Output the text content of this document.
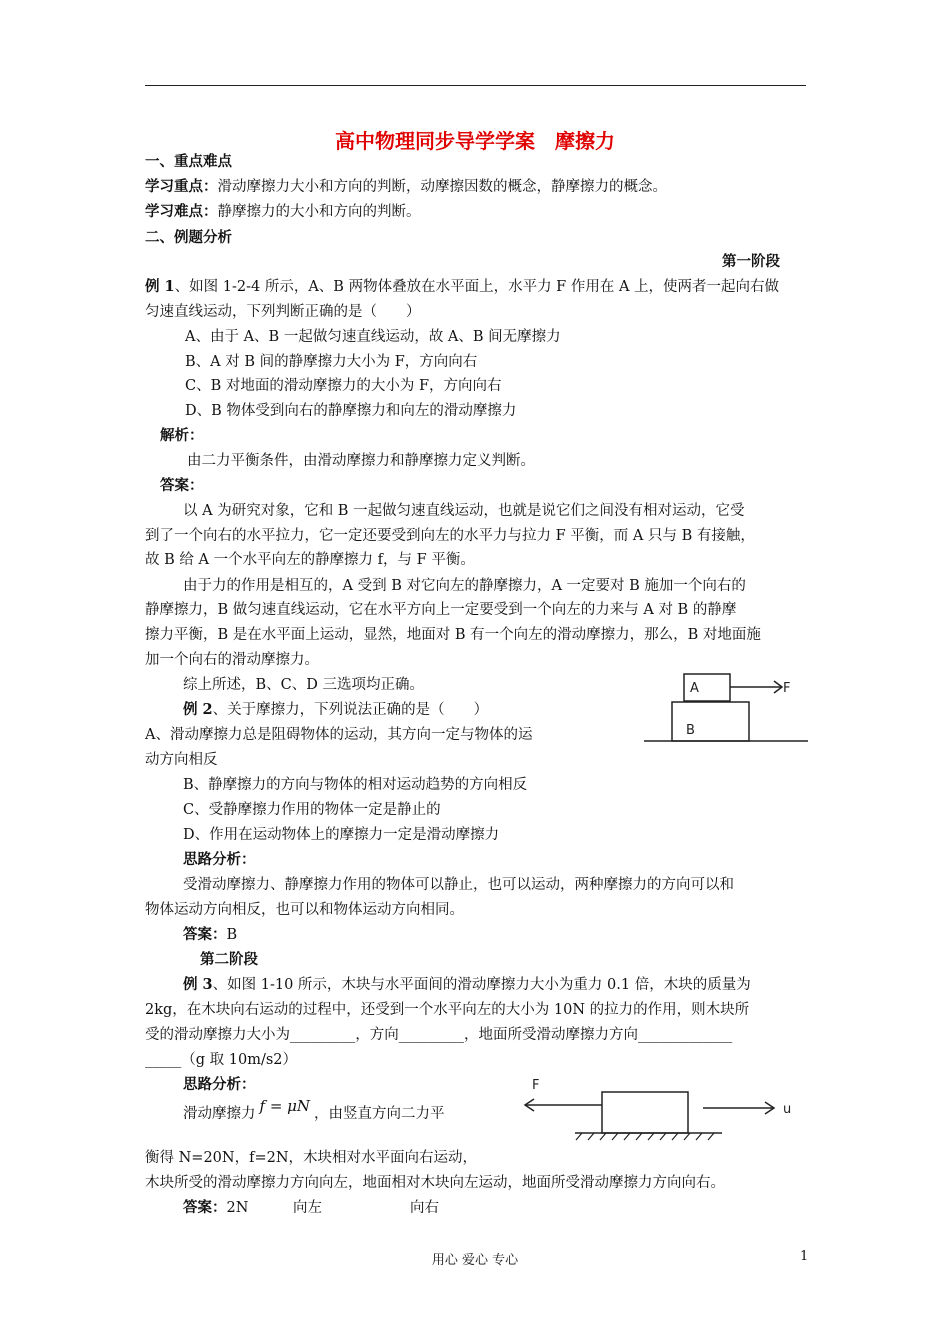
高中物理同步导学学案　摩擦力
一、重点难点
学习重点：滑动摩擦力大小和方向的判断，动摩擦因数的概念，静摩擦力的概念。
学习难点：静摩擦力的大小和方向的判断。
二、例题分析
第一阶段
例 1、如图 1-2-4 所示，A、B 两物体叠放在水平面上，水平力 F 作用在 A 上，使两者一起向右做
匀速直线运动，下列判断正确的是（　　）
A、由于 A、B 一起做匀速直线运动，故 A、B 间无摩擦力
B、A 对 B 间的静摩擦力大小为 F，方向向右
C、B 对地面的滑动摩擦力的大小为 F，方向向右
D、B 物体受到向右的静摩擦力和向左的滑动摩擦力
解析：
由二力平衡条件，由滑动摩擦力和静摩擦力定义判断。
答案：
以 A 为研究对象，它和 B 一起做匀速直线运动，也就是说它们之间没有相对运动，它受
到了一个向右的水平拉力，它一定还要受到向左的水平力与拉力 F 平衡，而 A 只与 B 有接触，
故 B 给 A 一个水平向左的静摩擦力 f，与 F 平衡。
由于力的作用是相互的，A 受到 B 对它向左的静摩擦力，A 一定要对 B 施加一个向右的
静摩擦力，B 做匀速直线运动，它在水平方向上一定要受到一个向左的力来与 A 对 B 的静摩
擦力平衡，B 是在水平面上运动，显然，地面对 B 有一个向左的滑动摩擦力，那么，B 对地面施
加一个向右的滑动摩擦力。
综上所述，B、C、D 三选项均正确。	A	F
B
例 2、关于摩擦力，下列说法正确的是（　　）
A、滑动摩擦力总是阻碍物体的运动，其方向一定与物体的运
动方向相反
B、静摩擦力的方向与物体的相对运动趋势的方向相反
C、受静摩擦力作用的物体一定是静止的
D、作用在运动物体上的摩擦力一定是滑动摩擦力
思路分析：
受滑动摩擦力、静摩擦力作用的物体可以静止，也可以运动，两种摩擦力的方向可以和
物体运动方向相反，也可以和物体运动方向相同。
答案：B
第二阶段
例 3、如图 1-10 所示，木块与水平面间的滑动摩擦力大小为重力 0.1 倍，木块的质量为
2kg，在木块向右运动的过程中，还受到一个水平向左的大小为 10N 的拉力的作用，则木块所
受的滑动摩擦力大小为_________，方向_________，地面所受滑动摩擦力方向_____________
_____（g 取 10m/s2）
思路分析：
滑动摩擦力 f = μN ，由竖直方向二力平
F
u
衡得 N=20N，f=2N，木块相对水平面向右运动，
木块所受的滑动摩擦力方向向左，地面相对木块向左运动，地面所受滑动摩擦力方向向右。
答案：2N	向左	向右
用心 爱心 专心	1
